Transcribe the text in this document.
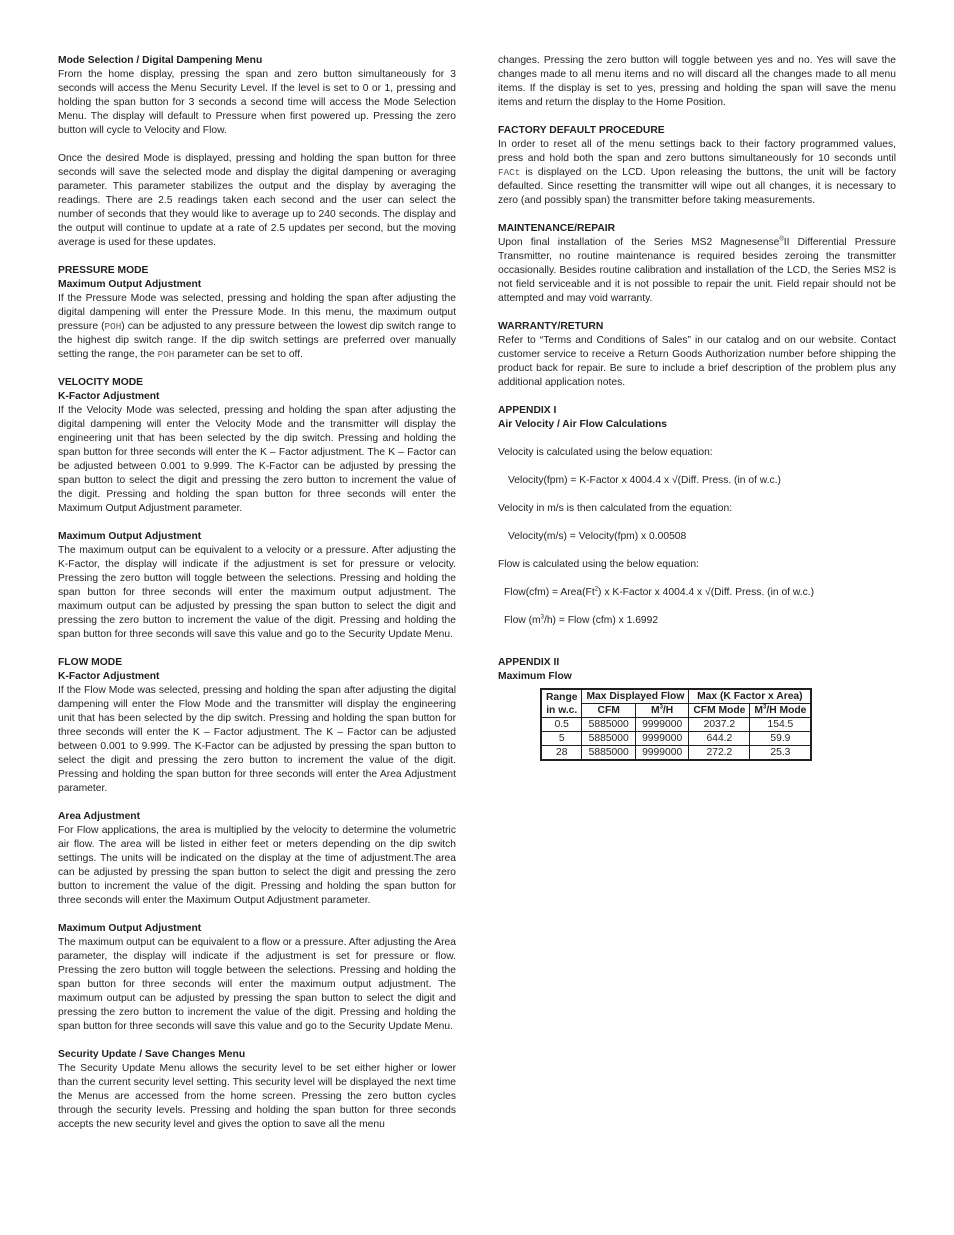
Mode Selection / Digital Dampening Menu

From the home display, pressing the span and zero button simultaneously for 3 seconds will access the Menu Security Level. If the level is set to 0 or 1, pressing and holding the span button for 3 seconds a second time will access the Mode Selection Menu. The display will default to Pressure when first powered up. Pressing the zero button will cycle to Velocity and Flow.

Once the desired Mode is displayed, pressing and holding the span button for three seconds will save the selected mode and display the digital dampening or averaging parameter. This parameter stabilizes the output and the display by averaging the readings. There are 2.5 readings taken each second and the user can select the number of seconds that they would like to average up to 240 seconds. The display and the output will continue to update at a rate of 2.5 updates per second, but the moving average is used for these updates.

PRESSURE MODE
Maximum Output Adjustment

If the Pressure Mode was selected, pressing and holding the span after adjusting the digital dampening will enter the Pressure Mode. In this menu, the maximum output pressure (POH) can be adjusted to any pressure between the lowest dip switch range to the highest dip switch range. If the dip switch settings are preferred over manually setting the range, the POH parameter can be set to off.

VELOCITY MODE
K-Factor Adjustment

If the Velocity Mode was selected, pressing and holding the span after adjusting the digital dampening will enter the Velocity Mode and the transmitter will display the engineering unit that has been selected by the dip switch. Pressing and holding the span button for three seconds will enter the K – Factor adjustment. The K – Factor can be adjusted between 0.001 to 9.999. The K-Factor can be adjusted by pressing the span button to select the digit and pressing the zero button to increment the value of the digit. Pressing and holding the span button for three seconds will enter the Maximum Output Adjustment parameter.

Maximum Output Adjustment

The maximum output can be equivalent to a velocity or a pressure. After adjusting the K-Factor, the display will indicate if the adjustment is set for pressure or velocity. Pressing the zero button will toggle between the selections. Pressing and holding the span button for three seconds will enter the maximum output adjustment. The maximum output can be adjusted by pressing the span button to select the digit and pressing the zero button to increment the value of the digit. Pressing and holding the span button for three seconds will save this value and go to the Security Update Menu.

FLOW MODE
K-Factor Adjustment

If the Flow Mode was selected, pressing and holding the span after adjusting the digital dampening will enter the Flow Mode and the transmitter will display the engineering unit that has been selected by the dip switch. Pressing and holding the span button for three seconds will enter the K – Factor adjustment. The K – Factor can be adjusted between 0.001 to 9.999. The K-Factor can be adjusted by pressing the span button to select the digit and pressing the zero button to increment the value of the digit. Pressing and holding the span button for three seconds will enter the Area Adjustment parameter.

Area Adjustment

For Flow applications, the area is multiplied by the velocity to determine the volumetric air flow. The area will be listed in either feet or meters depending on the dip switch settings. The units will be indicated on the display at the time of adjustment.The area can be adjusted by pressing the span button to select the digit and pressing the zero button to increment the value of the digit. Pressing and holding the span button for three seconds will enter the Maximum Output Adjustment parameter.

Maximum Output Adjustment

The maximum output can be equivalent to a flow or a pressure. After adjusting the Area parameter, the display will indicate if the adjustment is set for pressure or flow. Pressing the zero button will toggle between the selections. Pressing and holding the span button for three seconds will enter the maximum output adjustment. The maximum output can be adjusted by pressing the span button to select the digit and pressing the zero button to increment the value of the digit. Pressing and holding the span button for three seconds will save this value and go to the Security Update Menu.

Security Update / Save Changes Menu

The Security Update Menu allows the security level to be set either higher or lower than the current security level setting. This security level will be displayed the next time the Menus are accessed from the home screen. Pressing the zero button cycles through the security levels. Pressing and holding the span button for three seconds accepts the new security level and gives the option to save all the menu

changes. Pressing the zero button will toggle between yes and no. Yes will save the changes made to all menu items and no will discard all the changes made to all menu items. If the display is set to yes, pressing and holding the span will save the menu items and return the display to the Home Position.

FACTORY DEFAULT PROCEDURE

In order to reset all of the menu settings back to their factory programmed values, press and hold both the span and zero buttons simultaneously for 10 seconds until FACt is displayed on the LCD. Upon releasing the buttons, the unit will be factory defaulted. Since resetting the transmitter will wipe out all changes, it is necessary to zero (and possibly span) the transmitter before taking measurements.

MAINTENANCE/REPAIR

Upon final installation of the Series MS2 Magnesense®II Differential Pressure Transmitter, no routine maintenance is required besides zeroing the transmitter occasionally. Besides routine calibration and installation of the LCD, the Series MS2 is not field serviceable and it is not possible to repair the unit. Field repair should not be attempted and may void warranty.

WARRANTY/RETURN

Refer to “Terms and Conditions of Sales” in our catalog and on our website. Contact customer service to receive a Return Goods Authorization number before shipping the product back for repair. Be sure to include a brief description of the problem plus any additional application notes.

APPENDIX I
Air Velocity / Air Flow Calculations

Velocity is calculated using the below equation:

Velocity(fpm) = K-Factor x 4004.4 x √(Diff. Press. (in of w.c.)

Velocity in m/s is then calculated from the equation:

Velocity(m/s) = Velocity(fpm) x 0.00508

Flow is calculated using the below equation:

Flow(cfm) = $Area(Ft^2)$ x K-Factor x 4004.4 x √(Diff. Press. (in of w.c.)
Flow $(m^3/h)$ = Flow (cfm) x 1.6992
APPENDIX II
Maximum Flow
Range
in w.c.	Max Displayed Flow		Max (K Factor x Area)	
	CFM	$M^3/H$	CFM Mode	$M^3/H$ Mode
0.5	5885000	9999000	2037.2	154.5
5	5885000	9999000	644.2	59.9
28	5885000	9999000	272.2	25.3
